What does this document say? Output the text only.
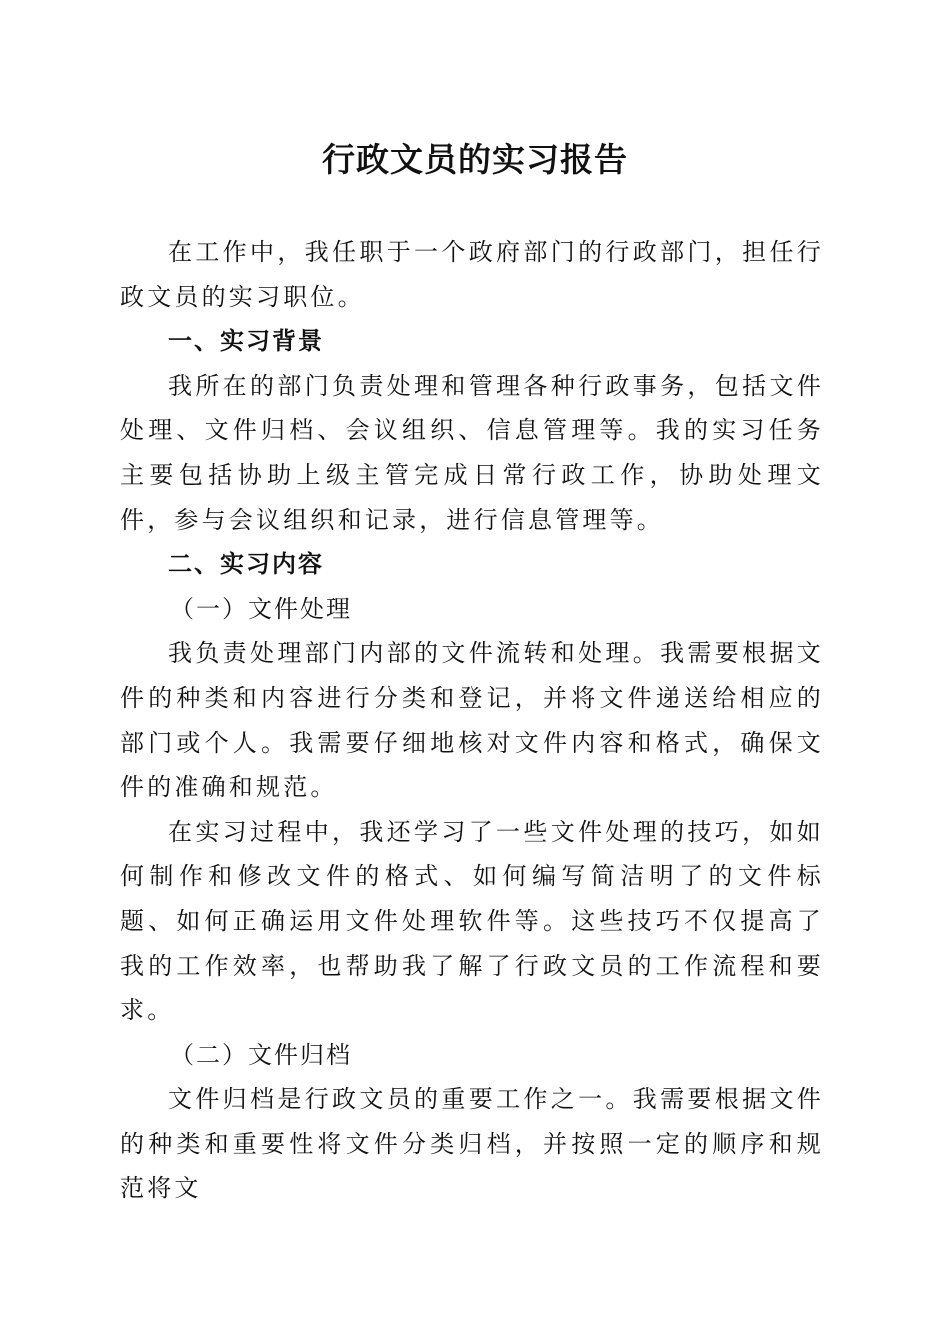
行政文员的实习报告

在工作中，我任职于一个政府部门的行政部门，担任行政文员的实习职位。

一、实习背景

我所在的部门负责处理和管理各种行政事务，包括文件处理、文件归档、会议组织、信息管理等。我的实习任务主要包括协助上级主管完成日常行政工作，协助处理文件，参与会议组织和记录，进行信息管理等。

二、实习内容

（一）文件处理

我负责处理部门内部的文件流转和处理。我需要根据文件的种类和内容进行分类和登记，并将文件递送给相应的部门或个人。我需要仔细地核对文件内容和格式，确保文件的准确和规范。

在实习过程中，我还学习了一些文件处理的技巧，如如何制作和修改文件的格式、如何编写简洁明了的文件标题、如何正确运用文件处理软件等。这些技巧不仅提高了我的工作效率，也帮助我了解了行政文员的工作流程和要求。

（二）文件归档

文件归档是行政文员的重要工作之一。我需要根据文件的种类和重要性将文件分类归档，并按照一定的顺序和规范将文
